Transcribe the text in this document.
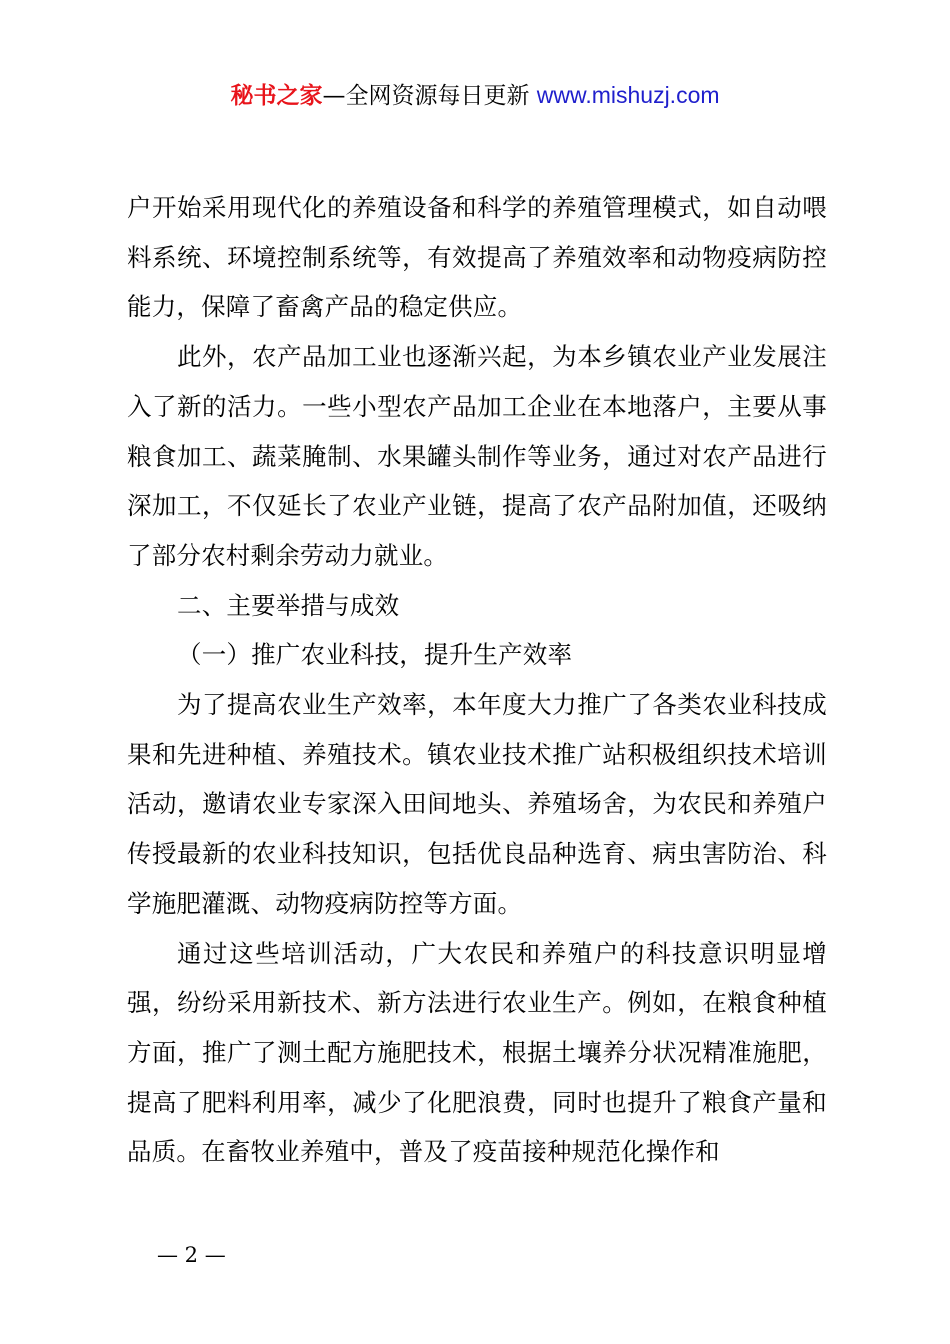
秘书之家—全网资源每日更新 www.mishuzj.com

户开始采用现代化的养殖设备和科学的养殖管理模式，如自动喂料系统、环境控制系统等，有效提高了养殖效率和动物疫病防控能力，保障了畜禽产品的稳定供应。

此外，农产品加工业也逐渐兴起，为本乡镇农业产业发展注入了新的活力。一些小型农产品加工企业在本地落户，主要从事粮食加工、蔬菜腌制、水果罐头制作等业务，通过对农产品进行深加工，不仅延长了农业产业链，提高了农产品附加值，还吸纳了部分农村剩余劳动力就业。

二、主要举措与成效

（一）推广农业科技，提升生产效率

为了提高农业生产效率，本年度大力推广了各类农业科技成果和先进种植、养殖技术。镇农业技术推广站积极组织技术培训活动，邀请农业专家深入田间地头、养殖场舍，为农民和养殖户传授最新的农业科技知识，包括优良品种选育、病虫害防治、科学施肥灌溉、动物疫病防控等方面。

通过这些培训活动，广大农民和养殖户的科技意识明显增强，纷纷采用新技术、新方法进行农业生产。例如，在粮食种植方面，推广了测土配方施肥技术，根据土壤养分状况精准施肥，提高了肥料利用率，减少了化肥浪费，同时也提升了粮食产量和品质。在畜牧业养殖中，普及了疫苗接种规范化操作和

— 2 —
